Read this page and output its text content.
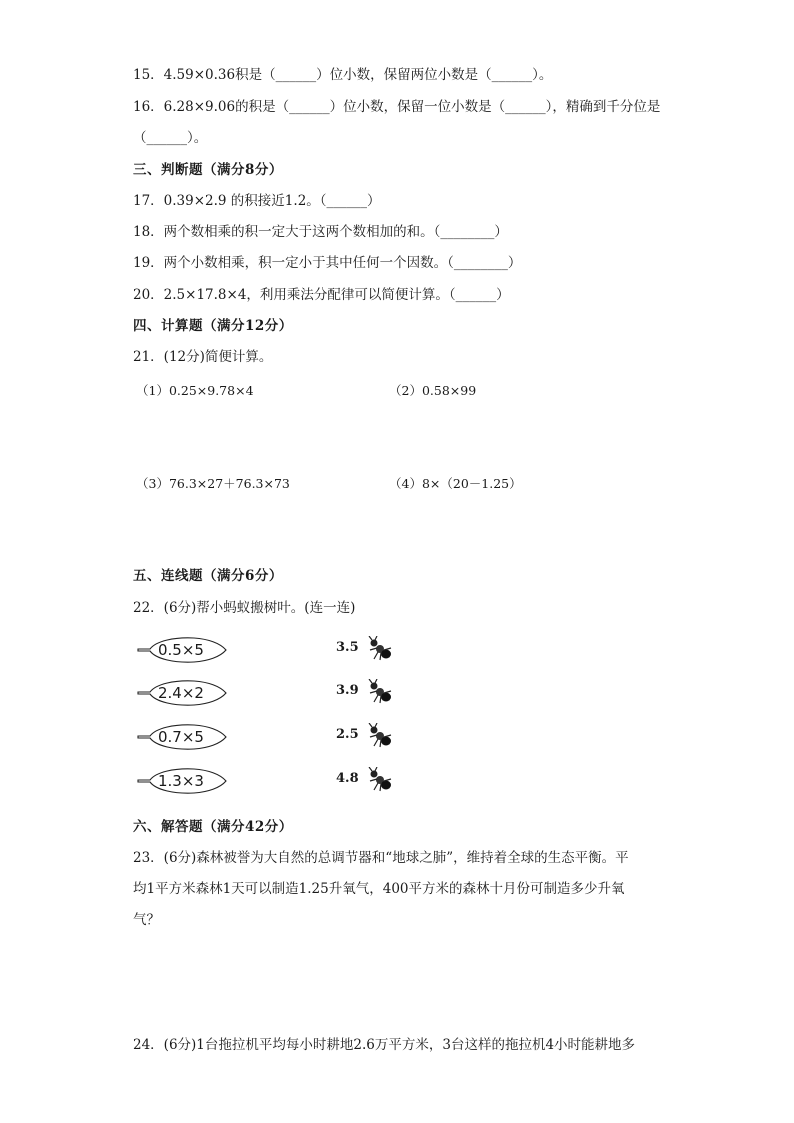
15．4.59×0.36积是（______）位小数，保留两位小数是（______）。
16．6.28×9.06的积是（______）位小数，保留一位小数是（______），精确到千分位是
（______）。
三、判断题（满分8分）
17．0.39×2.9 的积接近1.2。（______）
18．两个数相乘的积一定大于这两个数相加的和。（________）
19．两个小数相乘，积一定小于其中任何一个因数。（________）
20．2.5×17.8×4，利用乘法分配律可以简便计算。（______）
四、计算题（满分12分）
21．(12分)简便计算。
（1）0.25×9.78×4	（2）0.58×99
（3）76.3×27＋76.3×73	（4）8×（20－1.25）
五、连线题（满分6分）
22．(6分)帮小蚂蚁搬树叶。(连一连)
0.5×5
2.4×2
0.7×5
1.3×3
3.5
3.9
2.5
4.8
六、解答题（满分42分）
23．(6分)森林被誉为大自然的总调节器和“地球之肺”，维持着全球的生态平衡。平
均1平方米森林1天可以制造1.25升氧气，400平方米的森林十月份可制造多少升氧
气？
24．(6分)1台拖拉机平均每小时耕地2.6万平方米，3台这样的拖拉机4小时能耕地多
